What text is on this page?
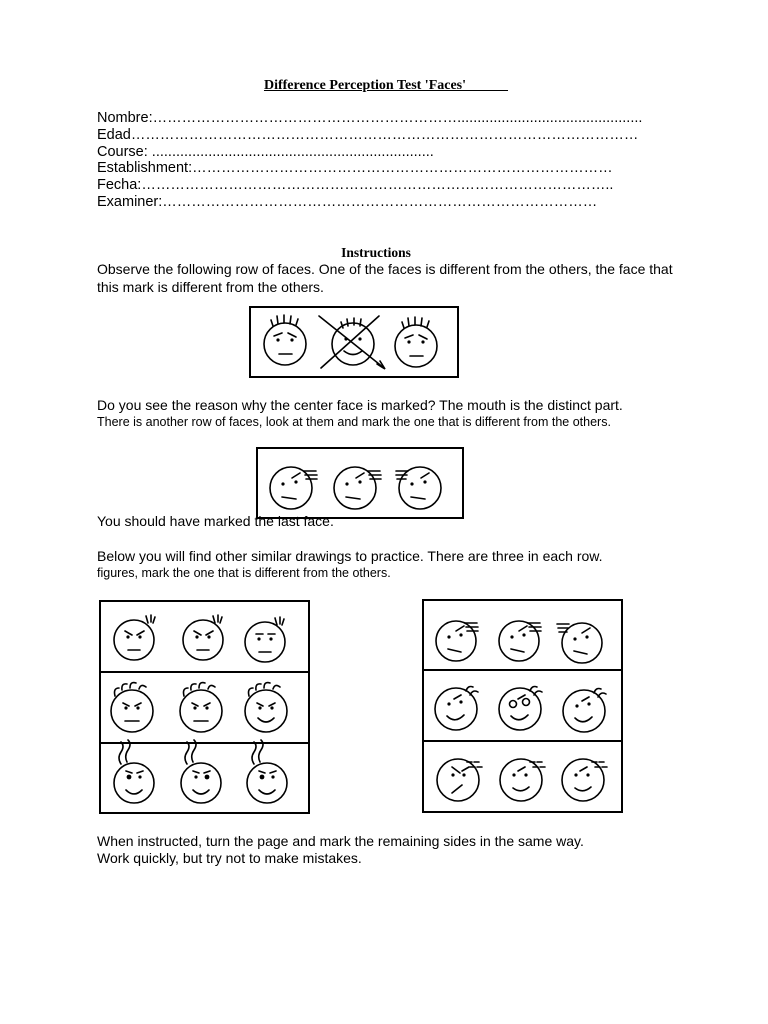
Difference Perception Test 'Faces'
Nombre:………………………………………………………..............................................
Edad……………………………………………………………………………………………
Course: ......................................................................
Establishment:……………………………………………………………………………
Fecha:……………………………………………………………………………………..
Examiner:………………………………………………………………………………
Instructions
Observe the following row of faces. One of the faces is different from the others, the face that
this mark is different from the others.
Do you see the reason why the center face is marked? The mouth is the distinct part.
There is another row of faces, look at them and mark the one that is different from the others.
You should have marked the last face.
Below you will find other similar drawings to practice. There are three in each row.
figures, mark the one that is different from the others.
When instructed, turn the page and mark the remaining sides in the same way.
Work quickly, but try not to make mistakes.
